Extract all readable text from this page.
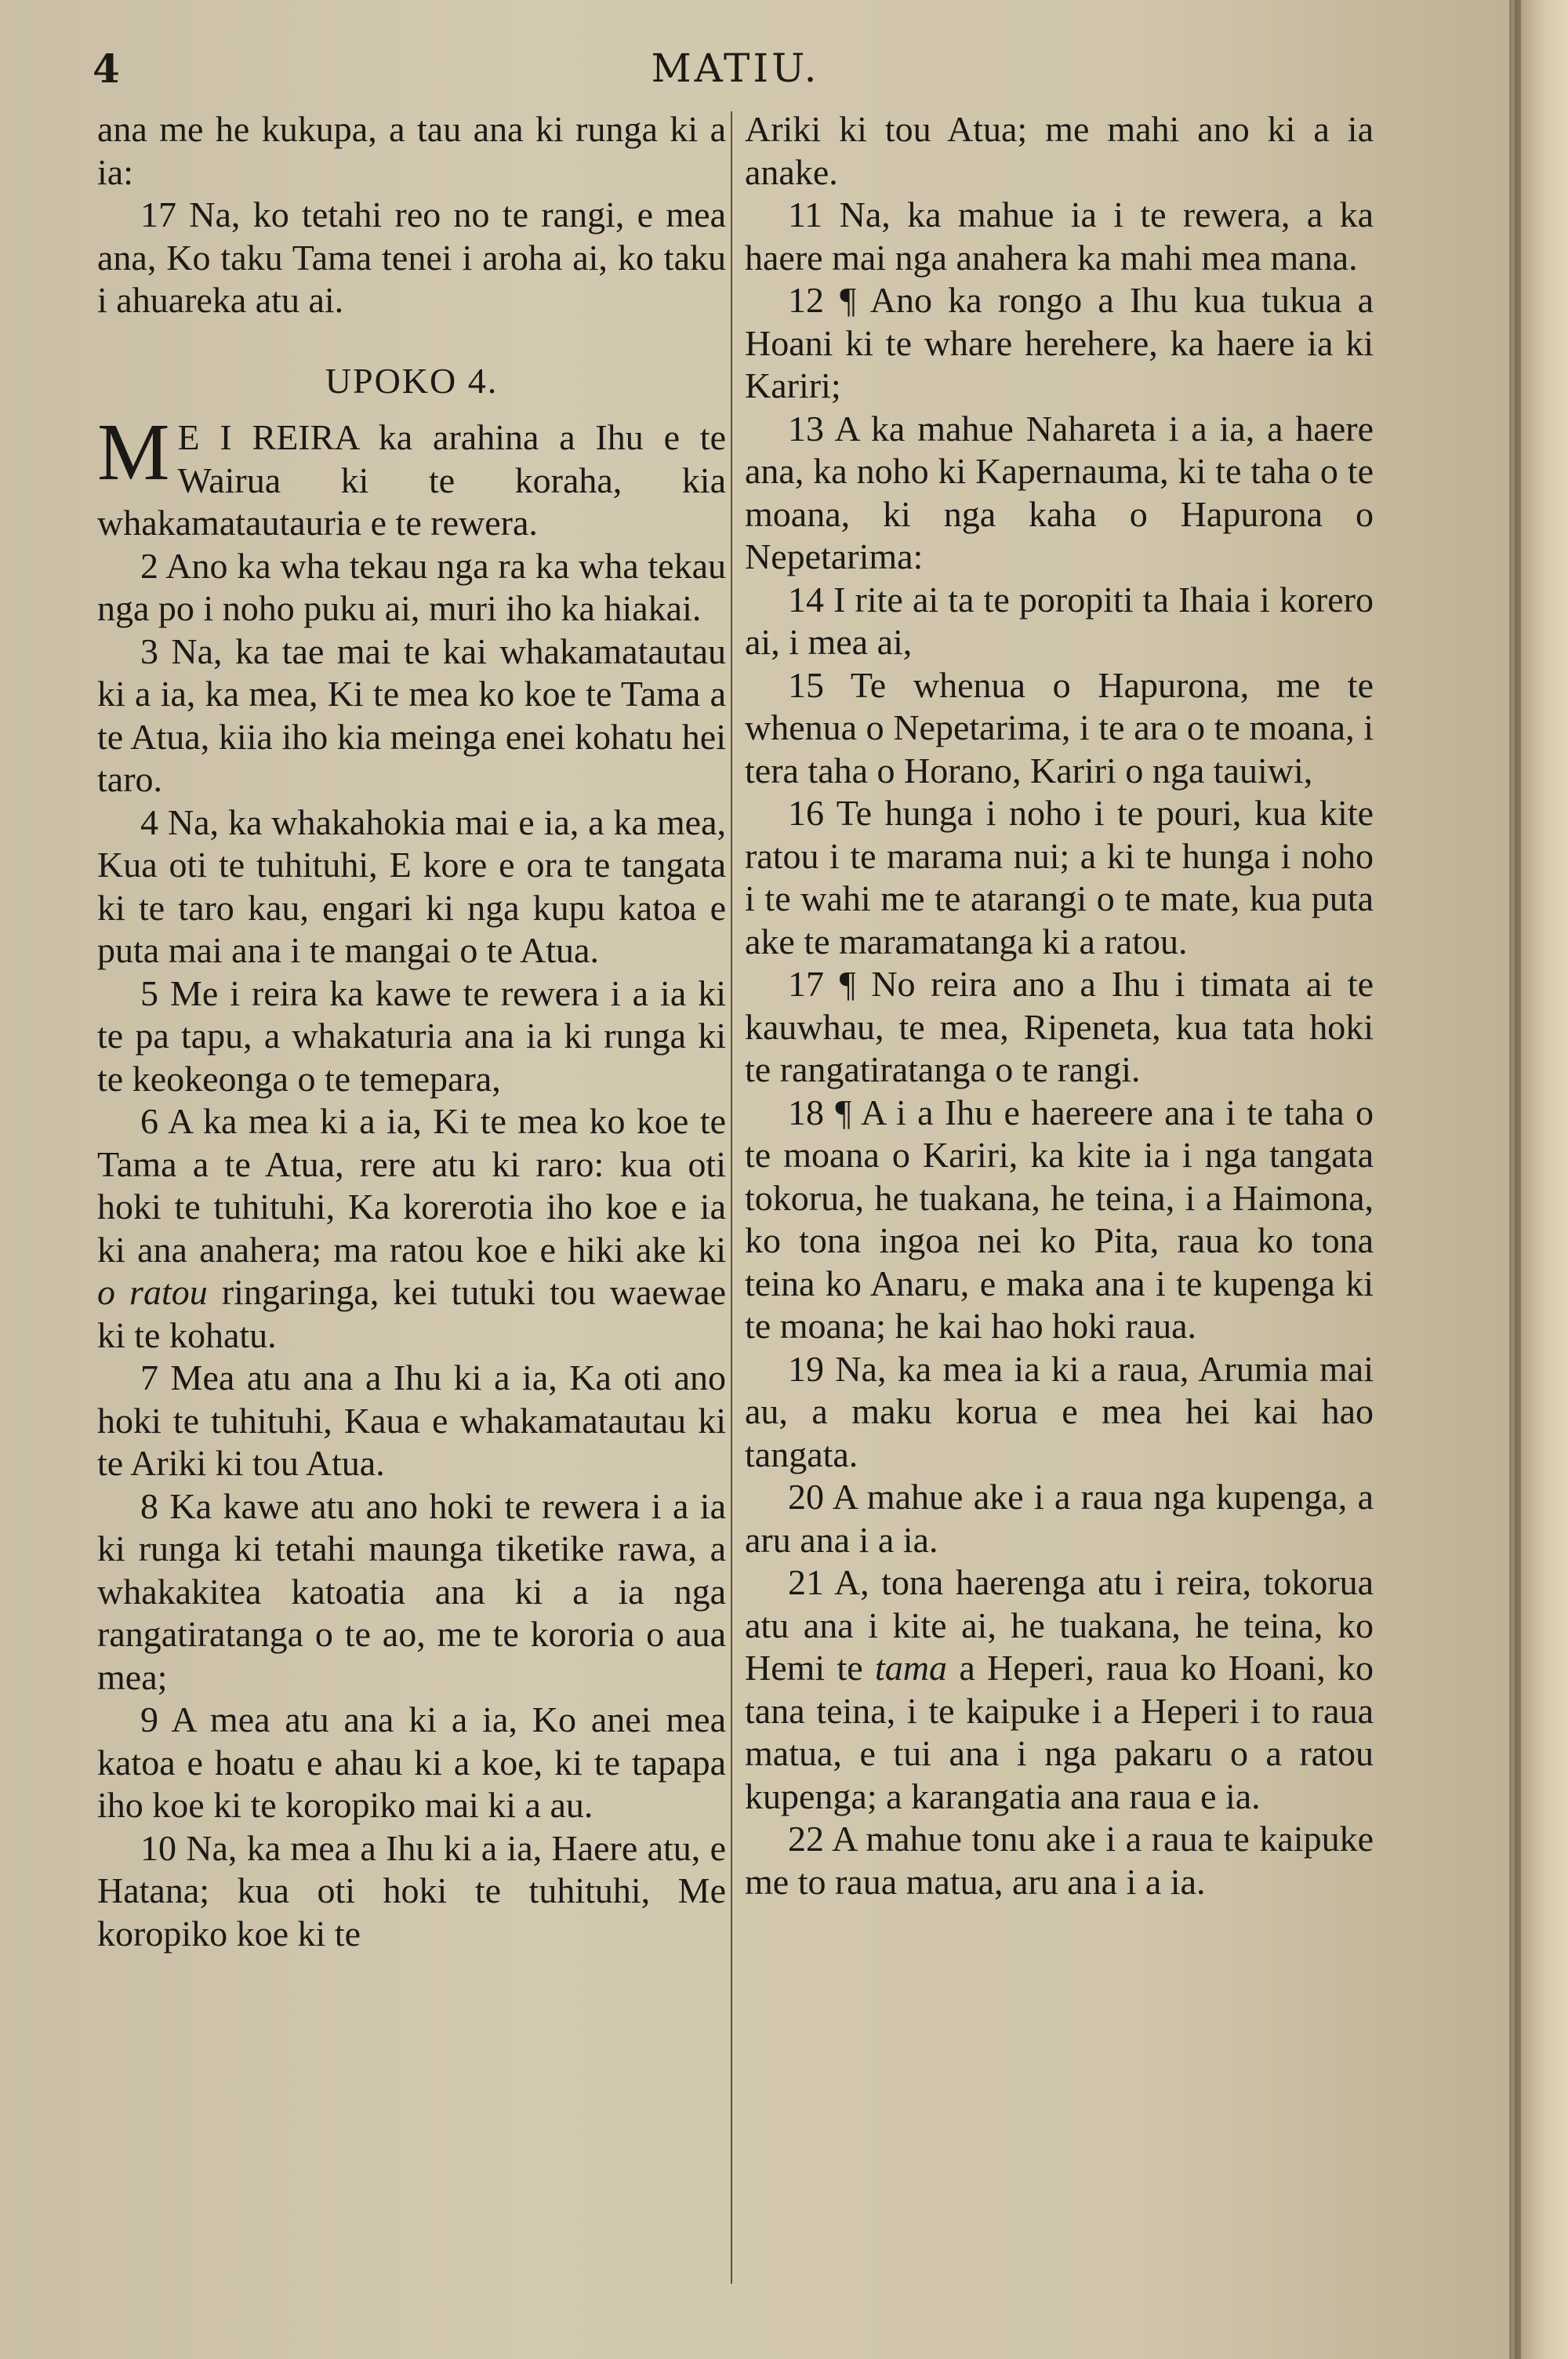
4	MATIU.

ana me he kukupa, a tau ana ki runga ki a ia:

17 Na, ko tetahi reo no te rangi, e mea ana, Ko taku Tama tenei i aroha ai, ko taku i ahuareka atu ai.

UPOKO 4.

M E I REIRA ka arahina a Ihu e te Wairua ki te koraha, kia whakamatautauria e te rewera.

2 Ano ka wha tekau nga ra ka wha tekau nga po i noho puku ai, muri iho ka hiakai.

3 Na, ka tae mai te kai whakamatautau ki a ia, ka mea, Ki te mea ko koe te Tama a te Atua, kiia iho kia meinga enei kohatu hei taro.

4 Na, ka whakahokia mai e ia, a ka mea, Kua oti te tuhituhi, E kore e ora te tangata ki te taro kau, engari ki nga kupu katoa e puta mai ana i te mangai o te Atua.

5 Me i reira ka kawe te rewera i a ia ki te pa tapu, a whakaturia ana ia ki runga ki te keokeonga o te temepara,

6 A ka mea ki a ia, Ki te mea ko koe te Tama a te Atua, rere atu ki raro: kua oti hoki te tuhituhi, Ka korerotia iho koe e ia ki ana anahera; ma ratou koe e hiki ake ki o ratou ringaringa, kei tutuki tou waewae ki te kohatu.

7 Mea atu ana a Ihu ki a ia, Ka oti ano hoki te tuhituhi, Kaua e whakamatautau ki te Ariki ki tou Atua.

8 Ka kawe atu ano hoki te rewera i a ia ki runga ki tetahi maunga tiketike rawa, a whakakitea katoatia ana ki a ia nga rangatiratanga o te ao, me te kororia o aua mea;

9 A mea atu ana ki a ia, Ko anei mea katoa e hoatu e ahau ki a koe, ki te tapapa iho koe ki te koropiko mai ki a au.

10 Na, ka mea a Ihu ki a ia, Haere atu, e Hatana; kua oti hoki te tuhituhi, Me koropiko koe ki te

Ariki ki tou Atua; me mahi ano ki a ia anake.

11 Na, ka mahue ia i te rewera, a ka haere mai nga anahera ka mahi mea mana.

12 ¶ Ano ka rongo a Ihu kua tukua a Hoani ki te whare herehere, ka haere ia ki Kariri;

13 A ka mahue Nahareta i a ia, a haere ana, ka noho ki Kapernauma, ki te taha o te moana, ki nga kaha o Hapurona o Nepetarima:

14 I rite ai ta te poropiti ta Ihaia i korero ai, i mea ai,

15 Te whenua o Hapurona, me te whenua o Nepetarima, i te ara o te moana, i tera taha o Horano, Kariri o nga tauiwi,

16 Te hunga i noho i te pouri, kua kite ratou i te marama nui; a ki te hunga i noho i te wahi me te atarangi o te mate, kua puta ake te maramatanga ki a ratou.

17 ¶ No reira ano a Ihu i timata ai te kauwhau, te mea, Ripeneta, kua tata hoki te rangatiratanga o te rangi.

18 ¶ A i a Ihu e haereere ana i te taha o te moana o Kariri, ka kite ia i nga tangata tokorua, he tuakana, he teina, i a Haimona, ko tona ingoa nei ko Pita, raua ko tona teina ko Anaru, e maka ana i te kupenga ki te moana; he kai hao hoki raua.

19 Na, ka mea ia ki a raua, Arumia mai au, a maku korua e mea hei kai hao tangata.

20 A mahue ake i a raua nga kupenga, a aru ana i a ia.

21 A, tona haerenga atu i reira, tokorua atu ana i kite ai, he tuakana, he teina, ko Hemi te tama a Heperi, raua ko Hoani, ko tana teina, i te kaipuke i a Heperi i to raua matua, e tui ana i nga pakaru o a ratou kupenga; a karangatia ana raua e ia.

22 A mahue tonu ake i a raua te kaipuke me to raua matua, aru ana i a ia.
